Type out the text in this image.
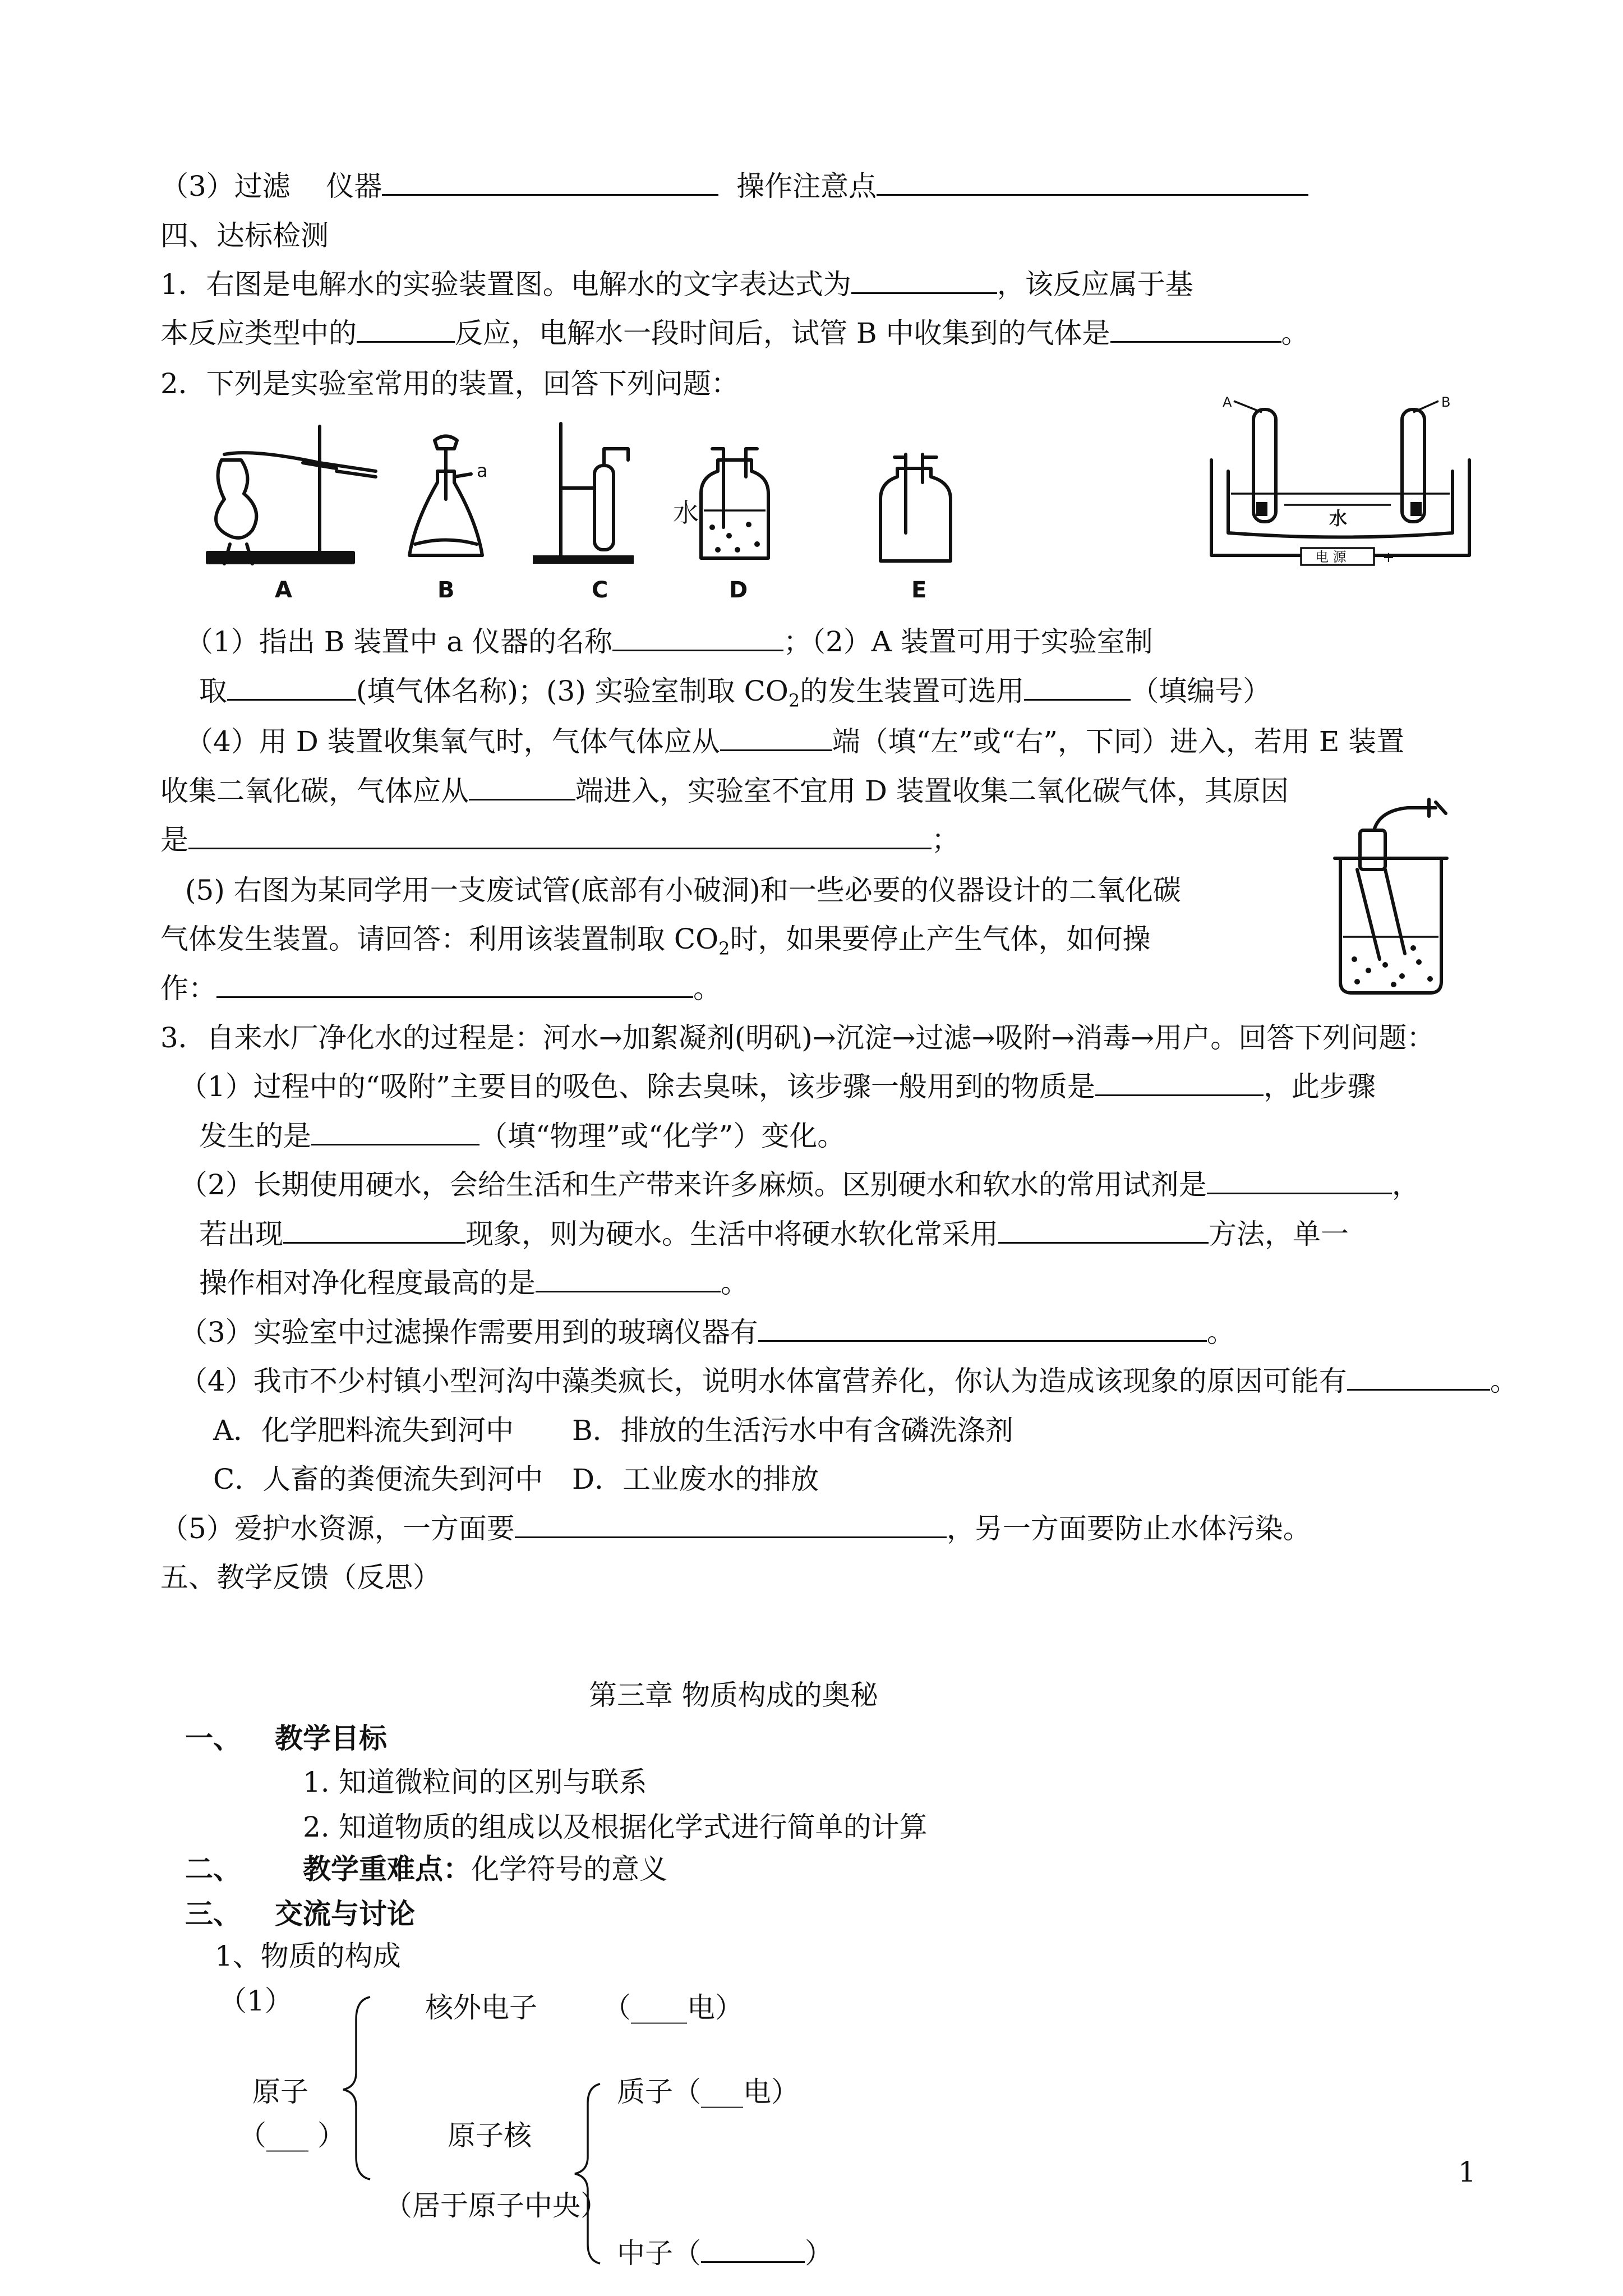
（3）过滤 仪器	操作注意点
四、达标检测
1．右图是电解水的实验装置图。电解水的文字表达式为	，该反应属于基
本反应类型中的	反应，电解水一段时间后，试管 B 中收集到的气体是	。
2．下列是实验室常用的装置，回答下列问题：
A
a
B	C
水
D	E
A	B
水
电 源
－	+
（1）指出 B 装置中 a 仪器的名称	；（2）A 装置可用于实验室制
取	(填气体名称)；(3) 实验室制取 $CO_2$的发生装置可选用	（填编号）
（4）用 D 装置收集氧气时，气体气体应从	端（填“左”或“右”，下同）进入，若用 E 装置
收集二氧化碳，气体应从	端进入，实验室不宜用 D 装置收集二氧化碳气体，其原因
是	；
(5) 右图为某同学用一支废试管(底部有小破洞)和一些必要的仪器设计的二氧化碳
气体发生装置。请回答：利用该装置制取 $CO_2$时，如果要停止产生气体，如何操
作：	。
3．自来水厂净化水的过程是：河水→加絮凝剂(明矾)→沉淀→过滤→吸附→消毒→用户。回答下列问题：
（1）过程中的“吸附”主要目的吸色、除去臭味，该步骤一般用到的物质是	，此步骤
发生的是	（填“物理”或“化学”）变化。
（2）长期使用硬水，会给生活和生产带来许多麻烦。区别硬水和软水的常用试剂是	，
若出现	现象，则为硬水。生活中将硬水软化常采用	方法，单一
操作相对净化程度最高的是	。
（3）实验室中过滤操作需要用到的玻璃仪器有	。
（4）我市不少村镇小型河沟中藻类疯长，说明水体富营养化，你认为造成该现象的原因可能有	。
A．化学肥料流失到河中 B．排放的生活污水中有含磷洗涤剂
C．人畜的粪便流失到河中 D．工业废水的排放
（5）爱护水资源，一方面要	，另一方面要防止水体污染。
五、教学反馈（反思）
第三章 物质构成的奥秘
一、 教学目标
1. 知道微粒间的区别与联系
2. 知道物质的组成以及根据化学式进行简单的计算
二、 教学重难点：化学符号的意义
三、 交流与讨论
1、物质的构成
（1）	核外电子 （____电）
原子
（___ ）	原子核
（居于原子中央）
质子（___电）
中子（	）
1
